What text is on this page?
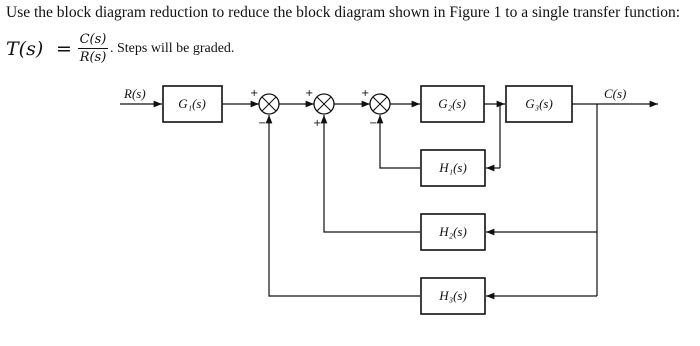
Use the block diagram reduction to reduce the block diagram shown in Figure 1 to a single transfer function:
T(s) = C(s)
R(s)
. Steps will be graded.
G₁(s)	G₂(s)	G₃(s)
H₁(s)
H₂(s)
H₃(s)
+
−
+
+
+
−
R(s)	C(s)
